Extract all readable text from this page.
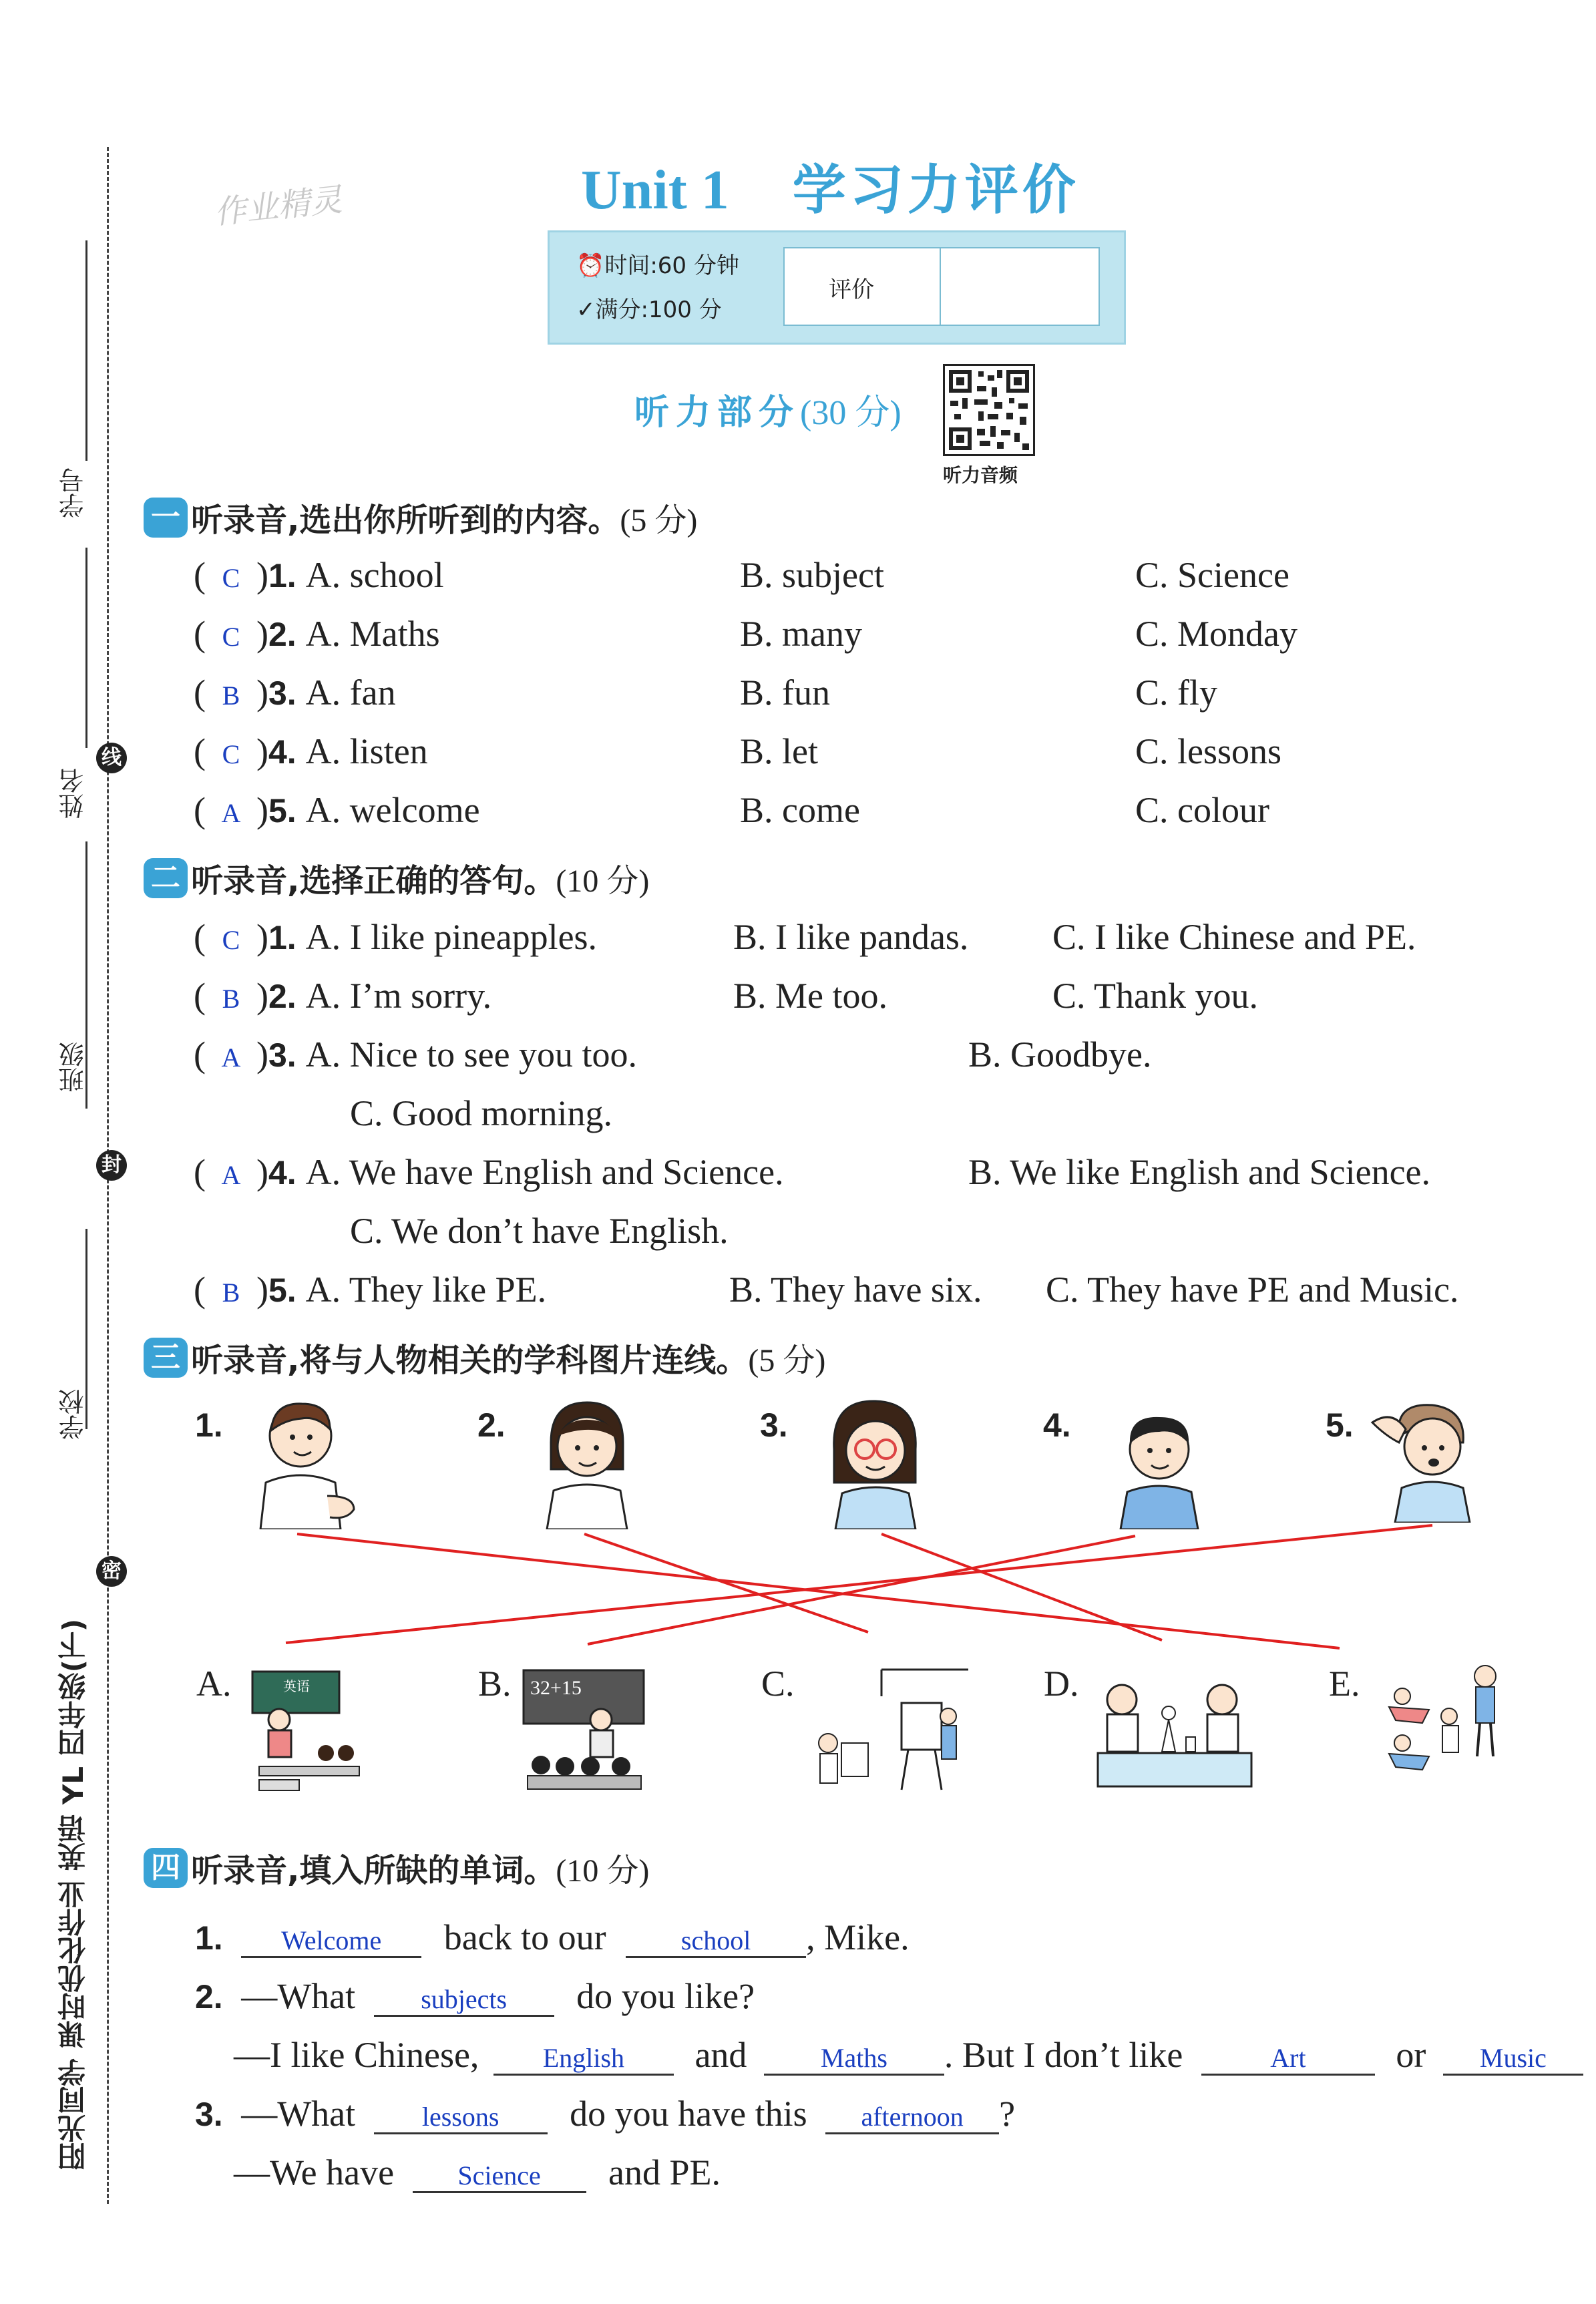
学号
姓名
线
班级
封
学校
密
阳光同学 课时优化作业 英语 YL 四年级(下)
作业精灵	Unit 1 学习力评价
⏰时间:60 分钟
✓满分:100 分
评价
听力部分(30 分)
听力音频
一 听录音,选出你所听到的内容。(5 分)
( C )1. A. school	B. subject	C. Science
( C )2. A. Maths	B. many	C. Monday
( B )3. A. fan	B. fun	C. fly
( C )4. A. listen	B. let	C. lessons
( A )5. A. welcome	B. come	C. colour
二 听录音,选择正确的答句。(10 分)
( C )1. A. I like pineapples.	B. I like pandas. C. I like Chinese and PE.
( B )2. A. I’m sorry.	B. Me too.	C. Thank you.
( A )3. A. Nice to see you too.	B. Goodbye.
C. Good morning.
( A )4. A. We have English and Science.	B. We like English and Science.
C. We don’t have English.
( B )5. A. They like PE.	B. They have six. C. They have PE and Music.
三 听录音,将与人物相关的学科图片连线。(5 分)
1.	2.	3.	4.	5.
A.	B.	C.	D.	E.
英语	32+15
四 听录音,填入所缺的单词。(10 分)
1. Welcome back to our	school , Mike.
2. —What subjects do you like?
—I like Chinese, English and	Maths . But I don’t like	Art or Music
3. —What lessons do you have this afternoon ?
—We have Science and PE.
